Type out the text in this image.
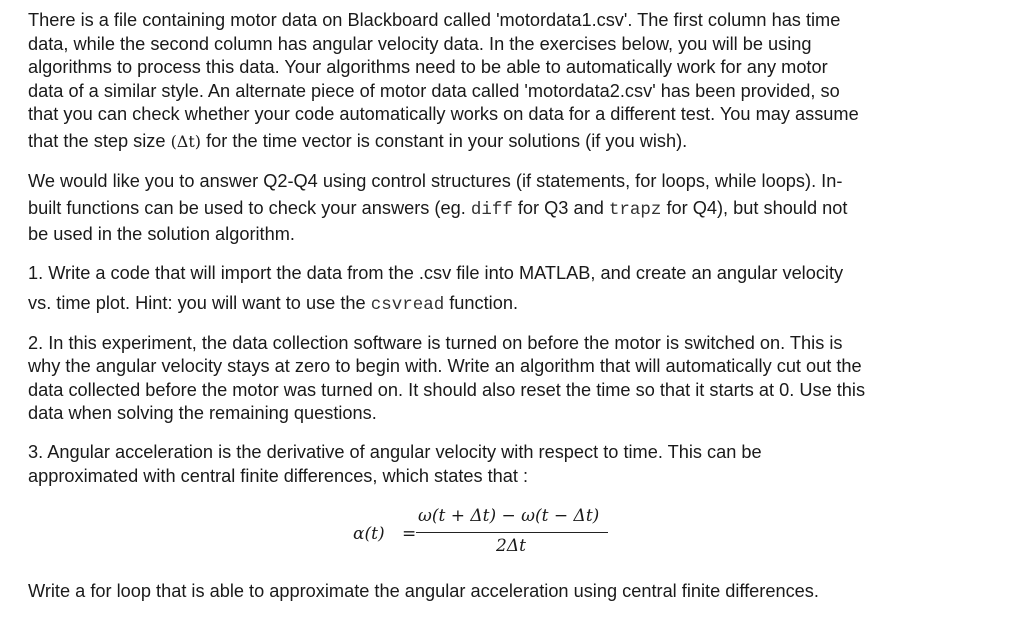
There is a file containing motor data on Blackboard called 'motordata1.csv'. The first column has time
data, while the second column has angular velocity data. In the exercises below, you will be using
algorithms to process this data. Your algorithms need to be able to automatically work for any motor
data of a similar style. An alternate piece of motor data called 'motordata2.csv' has been provided, so
that you can check whether your code automatically works on data for a different test. You may assume
that the step size (Δt) for the time vector is constant in your solutions (if you wish).
We would like you to answer Q2-Q4 using control structures (if statements, for loops, while loops). In-
built functions can be used to check your answers (eg. diff for Q3 and trapz for Q4), but should not
be used in the solution algorithm.
1. Write a code that will import the data from the .csv file into MATLAB, and create an angular velocity
vs. time plot. Hint: you will want to use the csvread function.
2. In this experiment, the data collection software is turned on before the motor is switched on. This is
why the angular velocity stays at zero to begin with. Write an algorithm that will automatically cut out the
data collected before the motor was turned on. It should also reset the time so that it starts at 0. Use this
data when solving the remaining questions.
3. Angular acceleration is the derivative of angular velocity with respect to time. This can be
approximated with central finite differences, which states that :
α(t) =
ω(t + Δt) − ω(t − Δt)
2Δt
Write a for loop that is able to approximate the angular acceleration using central finite differences.
